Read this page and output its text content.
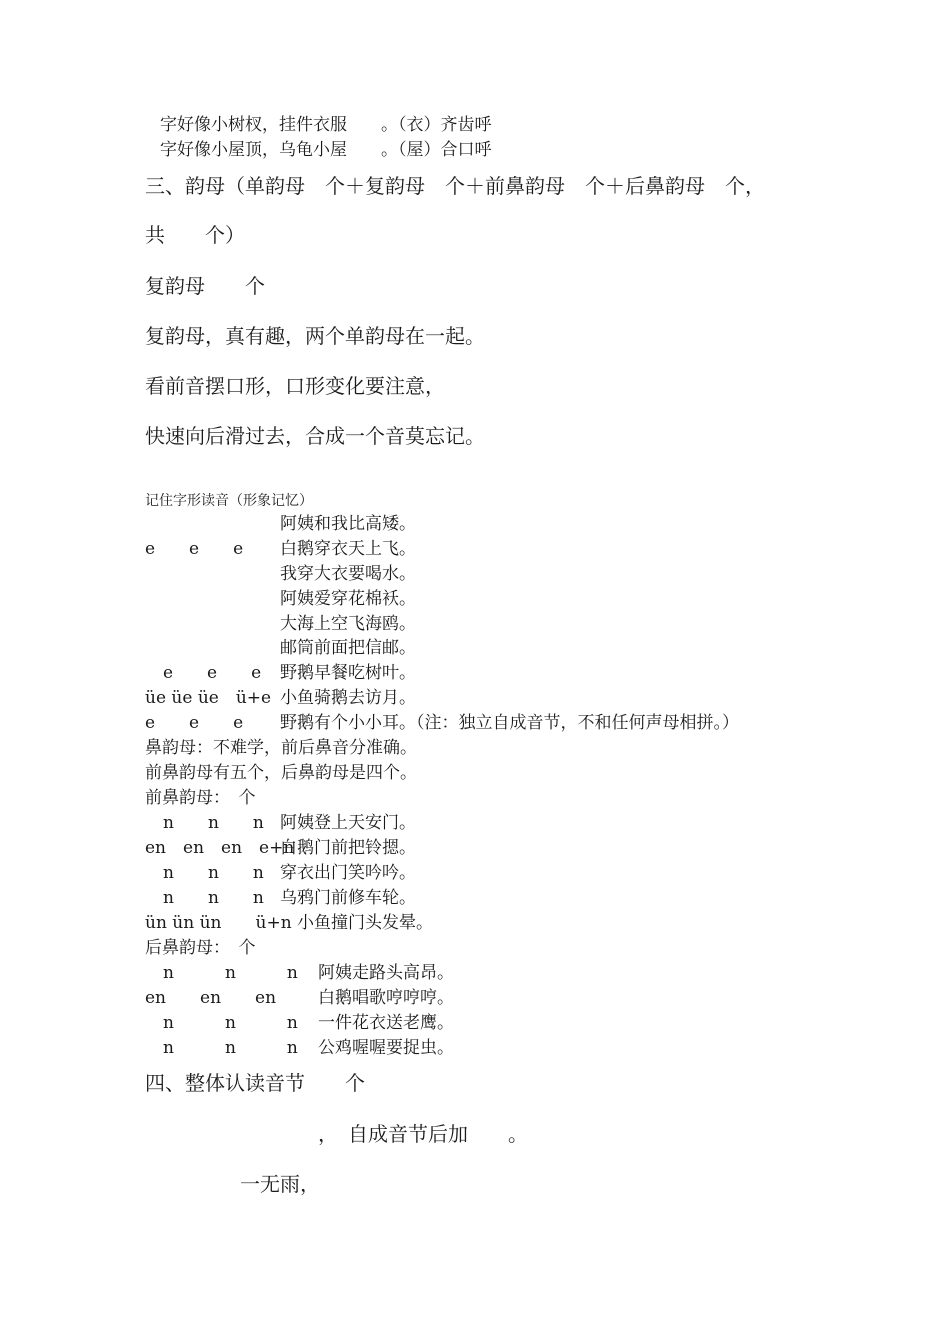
字好像小树杈，挂件衣服　　。（衣）齐齿呼
字好像小屋顶，乌龟小屋　　。（屋）合口呼
三、韵母（单韵母　个＋复韵母　个＋前鼻韵母　个＋后鼻韵母　个，
共　　个）
复韵母　　个
复韵母，真有趣，两个单韵母在一起。
看前音摆口形，口形变化要注意，
快速向后滑过去，合成一个音莫忘记。
记住字形读音（形象记忆）
阿姨和我比高矮。
e　　e　　e 白鹅穿衣天上飞。
我穿大衣要喝水。
阿姨爱穿花棉袄。
大海上空飞海鸥。
邮筒前面把信邮。
e　　e　　e 野鹅早餐吃树叶。
üe üe üe　ü+e 小鱼骑鹅去访月。
e　　e　　e 野鹅有个小小耳。（注：独立自成音节，不和任何声母相拼。）
鼻韵母：不难学，前后鼻音分准确。
前鼻韵母有五个，后鼻韵母是四个。
前鼻韵母：　个
n　　n　　n 阿姨登上天安门。
en　en　en　e+n
白鹅门前把铃摁。
n　　n　　n 穿衣出门笑吟吟。
n　　n　　n 乌鸦门前修车轮。
ün ün ün　　ü+n 小鱼撞门头发晕。
后鼻韵母：　个
n　　　n　　　n 阿姨走路头高昂。
en　　en　　en 白鹅唱歌哼哼哼。
n　　　n　　　n 一件花衣送老鹰。
n　　　n　　　n 公鸡喔喔要捉虫。
四、整体认读音节　　个
，　自成音节后加　　。
一无雨，
